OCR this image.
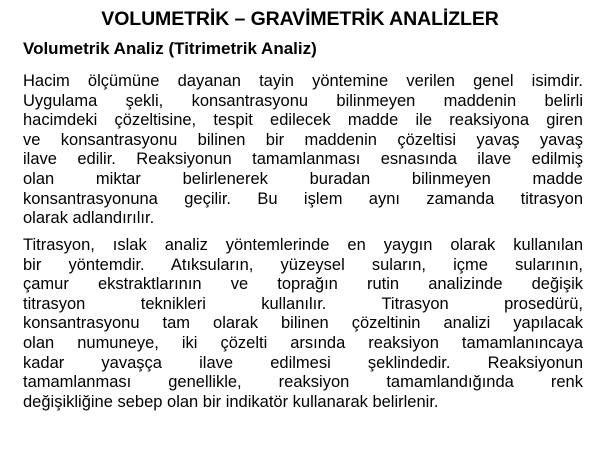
VOLUMETRİK – GRAVİMETRİK ANALİZLER
Volumetrik Analiz (Titrimetrik Analiz)
Hacim ölçümüne dayanan tayin yöntemine verilen genel isimdir.
Uygulama şekli, konsantrasyonu bilinmeyen maddenin belirli
hacimdeki çözeltisine, tespit edilecek madde ile reaksiyona giren
ve konsantrasyonu bilinen bir maddenin çözeltisi yavaş yavaş
ilave edilir. Reaksiyonun tamamlanması esnasında ilave edilmiş
olan miktar belirlenerek buradan bilinmeyen madde
konsantrasyonuna geçilir. Bu işlem aynı zamanda titrasyon
olarak adlandırılır.
Titrasyon, ıslak analiz yöntemlerinde en yaygın olarak kullanılan
bir yöntemdir. Atıksuların, yüzeysel suların, içme sularının,
çamur ekstraktlarının ve toprağın rutin analizinde değişik
titrasyon teknikleri kullanılır. Titrasyon prosedürü,
konsantrasyonu tam olarak bilinen çözeltinin analizi yapılacak
olan numuneye, iki çözelti arsında reaksiyon tamamlanıncaya
kadar yavaşça ilave edilmesi şeklindedir. Reaksiyonun
tamamlanması genellikle, reaksiyon tamamlandığında renk
değişikliğine sebep olan bir indikatör kullanarak belirlenir.
